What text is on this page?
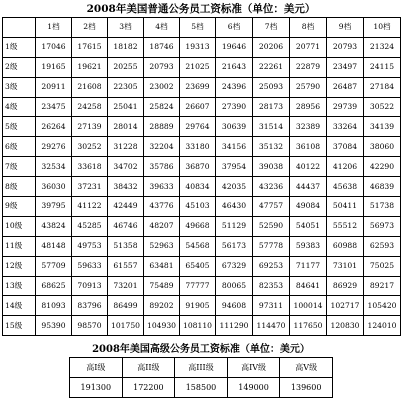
2008年美国普通公务员工资标准（单位：美元）
	1档	2档	3档	4档	5档	6档	7档	8档	9档	10档
1级	17046	17615	18182	18746	19313	19646	20206	20771	20793	21324
2级	19165	19621	20255	20793	21025	21643	22261	22879	23497	24115
3级	20911	21608	22305	23002	23699	24396	25093	25790	26487	27184
4级	23475	24258	25041	25824	26607	27390	28173	28956	29739	30522
5级	26264	27139	28014	28889	29764	30639	31514	32389	33264	34139
6级	29276	30252	31228	32204	33180	34156	35132	36108	37084	38060
7级	32534	33618	34702	35786	36870	37954	39038	40122	41206	42290
8级	36030	37231	38432	39633	40834	42035	43236	44437	45638	46839
9级	39795	41122	42449	43776	45103	46430	47757	49084	50411	51738
10级	43824	45285	46746	48207	49668	51129	52590	54051	55512	56973
11级	48148	49753	51358	52963	54568	56173	57778	59383	60988	62593
12级	57709	59633	61557	63481	65405	67329	69253	71177	73101	75025
13级	68625	70913	73201	75489	77777	80065	82353	84641	86929	89217
14级	81093	83796	86499	89202	91905	94608	97311	100014	102717	105420
15级	95390	98570	101750	104930	108110	111290	114470	117650	120830	124010
2008年美国高级公务员工资标准（单位：美元）
高I级	高II级	高III级	高IV级	高V级
191300	172200	158500	149000	139600
